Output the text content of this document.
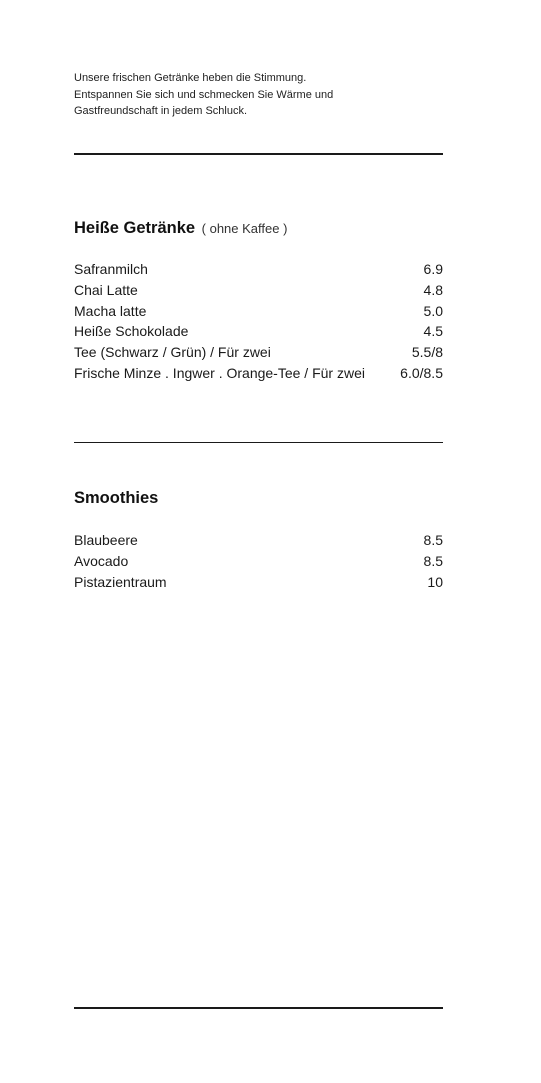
Unsere frischen Getränke heben die Stimmung.

Entspannen Sie sich und schmecken Sie Wärme und

Gastfreundschaft in jedem Schluck.

Heiße Getränke ( ohne Kaffee )
Safranmilch	6.9
Chai Latte	4.8
Macha latte	5.0
Heiße Schokolade	4.5
Tee (Schwarz / Grün) / Für zwei	5.5/8
Frische Minze . Ingwer . Orange-Tee / Für zwei	6.0/8.5
Smoothies
Blaubeere	8.5
Avocado	8.5
Pistazientraum	10
